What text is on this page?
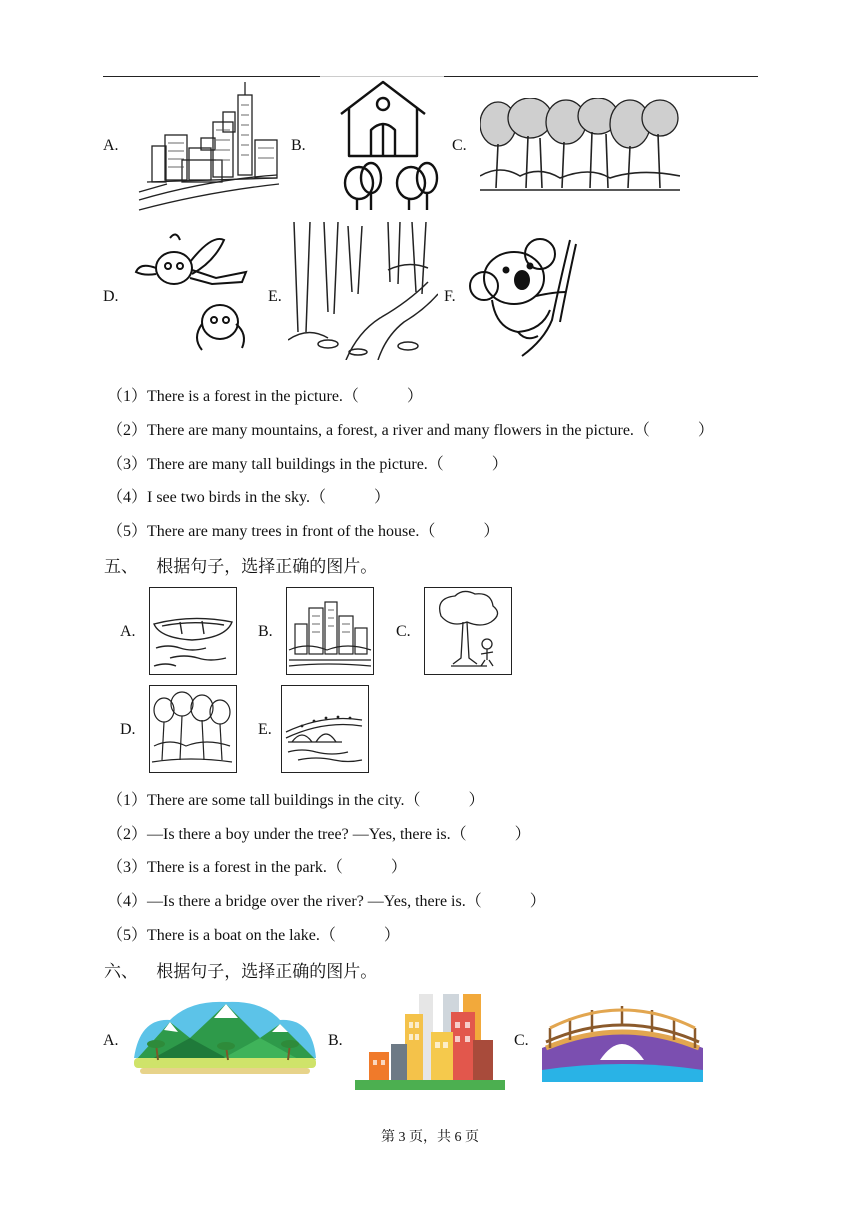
A.	B.	C.
D.	E.	F.
（1）There is a forest in the picture.（　　　）
（2）There are many mountains, a forest, a river and many flowers in the picture.（　　　）
（3）There are many tall buildings in the picture.（　　　）
（4）I see two birds in the sky.（　　　）
（5）There are many trees in front of the house.（　　　）
五、 根据句子，选择正确的图片。
A.	B.	C.
D.	E.
（1）There are some tall buildings in the city.（　　　）
（2）—Is there a boy under the tree? —Yes, there is.（　　　）
（3）There is a forest in the park.（　　　）
（4）—Is there a bridge over the river? —Yes, there is.（　　　）
（5）There is a boat on the lake.（　　　）
六、 根据句子，选择正确的图片。
A.	B.	C.
第 3 页，共 6 页
